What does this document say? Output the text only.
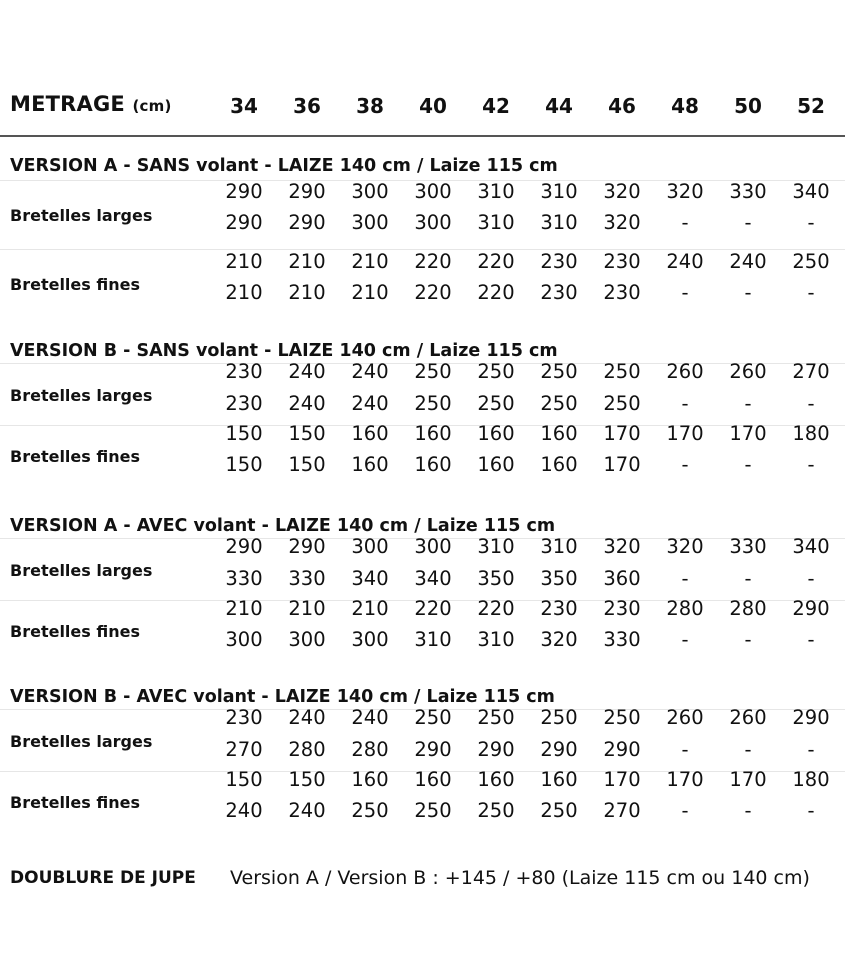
METRAGE (cm)	34	36	38	40	42	44	46	48	50	52
VERSION A - SANS volant - LAIZE 140 cm / Laize 115 cm
Bretelles larges
290	290	300	300	310	310	320	320	330	340
290	290	300	300	310	310	320	-	-	-
Bretelles fines
210	210	210	220	220	230	230	240	240	250
210	210	210	220	220	230	230	-	-	-
VERSION B - SANS volant - LAIZE 140 cm / Laize 115 cm
Bretelles larges
230	240	240	250	250	250	250	260	260	270
230	240	240	250	250	250	250	-	-	-
Bretelles fines
150	150	160	160	160	160	170	170	170	180
150	150	160	160	160	160	170	-	-	-
VERSION A - AVEC volant - LAIZE 140 cm / Laize 115 cm
Bretelles larges
290	290	300	300	310	310	320	320	330	340
330	330	340	340	350	350	360	-	-	-
Bretelles fines
210	210	210	220	220	230	230	280	280	290
300	300	300	310	310	320	330	-	-	-
VERSION B - AVEC volant - LAIZE 140 cm / Laize 115 cm
Bretelles larges
230	240	240	250	250	250	250	260	260	290
270	280	280	290	290	290	290	-	-	-
Bretelles fines
150	150	160	160	160	160	170	170	170	180
240	240	250	250	250	250	270	-	-	-
DOUBLURE DE JUPE Version A / Version B : +145 / +80 (Laize 115 cm ou 140 cm)
